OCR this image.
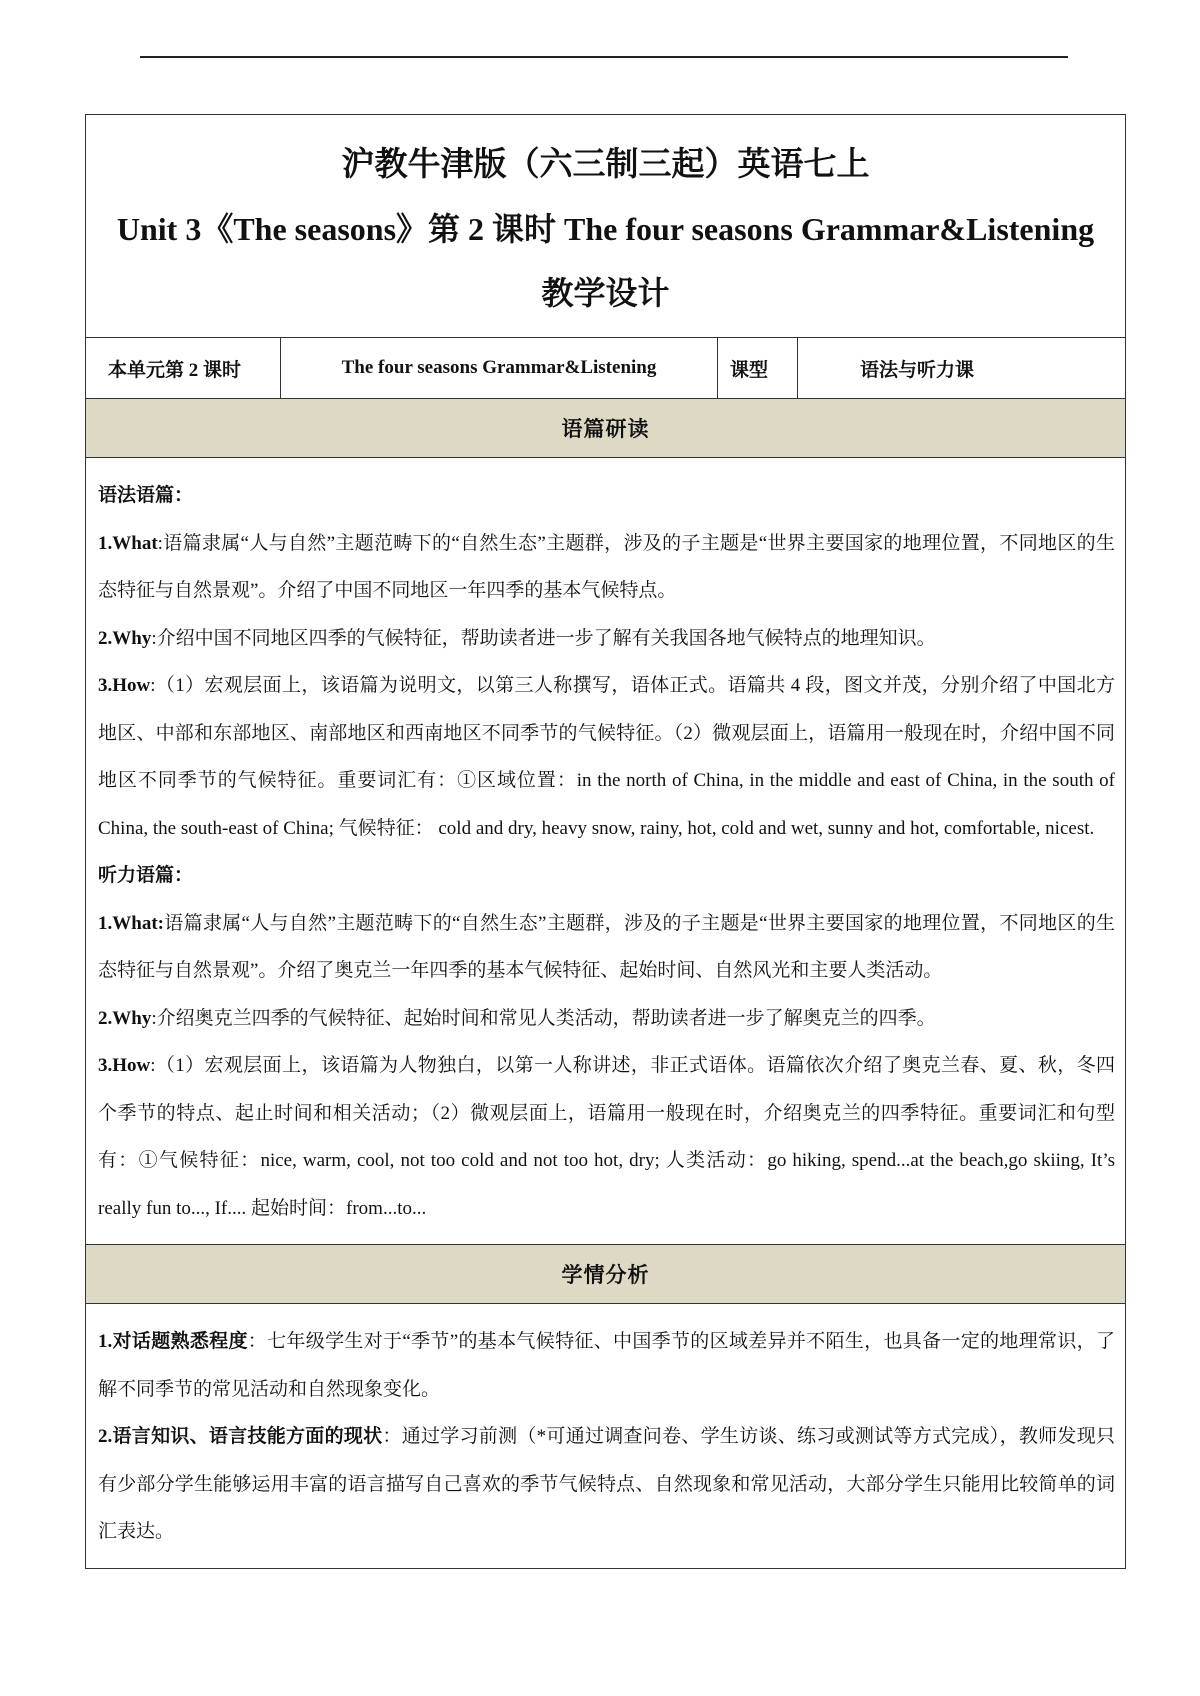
沪教牛津版（六三制三起）英语七上
Unit 3《The seasons》第 2 课时 The four seasons Grammar&Listening 教学设计

本单元第 2 课时	The four seasons Grammar&Listening	课型	语法与听力课
语篇研读

语法语篇：
1.What:语篇隶属“人与自然”主题范畴下的“自然生态”主题群，涉及的子主题是“世界主要国家的地理位置，不同地区的生态特征与自然景观”。介绍了中国不同地区一年四季的基本气候特点。
2.Why:介绍中国不同地区四季的气候特征，帮助读者进一步了解有关我国各地气候特点的地理知识。
3.How:（1）宏观层面上，该语篇为说明文，以第三人称撰写，语体正式。语篇共 4 段，图文并茂，分别介绍了中国北方地区、中部和东部地区、南部地区和西南地区不同季节的气候特征。（2）微观层面上，语篇用一般现在时，介绍中国不同地区不同季节的气候特征。重要词汇有：①区域位置：in the north of China, in the middle and east of China, in the south of China, the south-east of China; 气候特征： cold and dry, heavy snow, rainy, hot, cold and wet, sunny and hot, comfortable, nicest.
听力语篇：
1.What:语篇隶属“人与自然”主题范畴下的“自然生态”主题群，涉及的子主题是“世界主要国家的地理位置，不同地区的生态特征与自然景观”。介绍了奥克兰一年四季的基本气候特征、起始时间、自然风光和主要人类活动。
2.Why:介绍奥克兰四季的气候特征、起始时间和常见人类活动，帮助读者进一步了解奥克兰的四季。
3.How:（1）宏观层面上，该语篇为人物独白，以第一人称讲述，非正式语体。语篇依次介绍了奥克兰春、夏、秋，冬四个季节的特点、起止时间和相关活动；（2）微观层面上，语篇用一般现在时，介绍奥克兰的四季特征。重要词汇和句型有：①气候特征：nice, warm, cool, not too cold and not too hot, dry; 人类活动：go hiking, spend...at the beach,go skiing, It’s really fun to..., If.... 起始时间：from...to...

学情分析

1.对话题熟悉程度：七年级学生对于“季节”的基本气候特征、中国季节的区域差异并不陌生，也具备一定的地理常识，了解不同季节的常见活动和自然现象变化。
2.语言知识、语言技能方面的现状：通过学习前测（*可通过调查问卷、学生访谈、练习或测试等方式完成），教师发现只有少部分学生能够运用丰富的语言描写自己喜欢的季节气候特点、自然现象和常见活动，大部分学生只能用比较简单的词汇表达。
